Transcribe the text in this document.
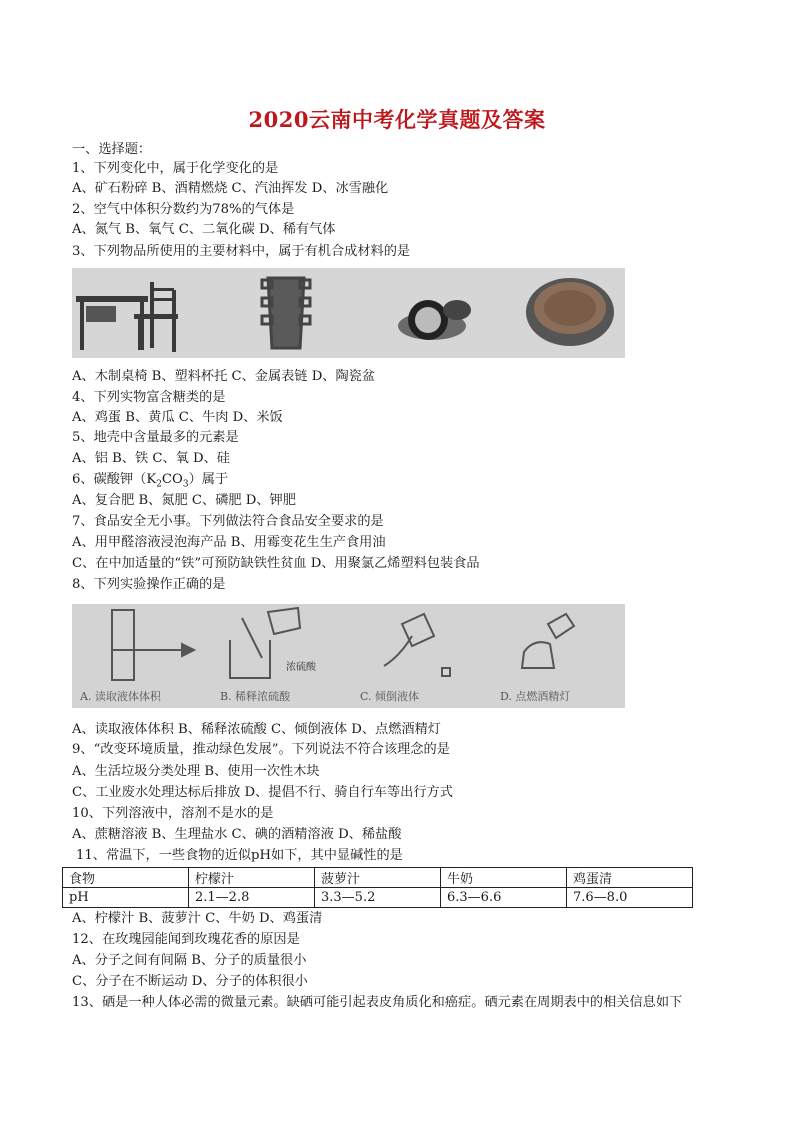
2020云南中考化学真题及答案
一、选择题：
1、下列变化中，属于化学变化的是
A、矿石粉碎 B、酒精燃烧 C、汽油挥发 D、冰雪融化
2、空气中体积分数约为78%的气体是
A、氮气 B、氧气 C、二氧化碳 D、稀有气体
3、下列物品所使用的主要材料中，属于有机合成材料的是
A、木制桌椅 B、塑料杯托 C、金属表链 D、陶瓷盆
4、下列实物富含糖类的是
A、鸡蛋 B、黄瓜 C、牛肉 D、米饭
5、地壳中含量最多的元素是
A、铝 B、铁 C、氧 D、硅
6、碳酸钾$(K_2CO_3)$属于
A、复合肥 B、氮肥 C、磷肥 D、钾肥
7、食品安全无小事。下列做法符合食品安全要求的是
A、用甲醛溶液浸泡海产品 B、用霉变花生生产食用油
C、在中加适量的“铁”可预防缺铁性贫血 D、用聚氯乙烯塑料包装食品
8、下列实验操作正确的是
浓硫酸
A. 读取液体体积	B. 稀释浓硫酸	C. 倾倒液体	D. 点燃酒精灯
A、读取液体体积 B、稀释浓硫酸 C、倾倒液体 D、点燃酒精灯
9、“改变环境质量，推动绿色发展”。下列说法不符合该理念的是
A、生活垃圾分类处理 B、使用一次性木块
C、工业废水处理达标后排放 D、提倡不行、骑自行车等出行方式
10、下列溶液中，溶剂不是水的是
A、蔗糖溶液 B、生理盐水 C、碘的酒精溶液 D、稀盐酸
11、常温下，一些食物的近似pH如下，其中显碱性的是
食物	柠檬汁	菠萝汁	牛奶	鸡蛋清
pH	2.1—2.8	3.3—5.2	6.3—6.6	7.6—8.0
A、柠檬汁 B、菠萝汁 C、牛奶 D、鸡蛋清
12、在玫瑰园能闻到玫瑰花香的原因是
A、分子之间有间隔 B、分子的质量很小
C、分子在不断运动 D、分子的体积很小
13、硒是一种人体必需的微量元素。缺硒可能引起表皮角质化和癌症。硒元素在周期表中的相关信息如下
